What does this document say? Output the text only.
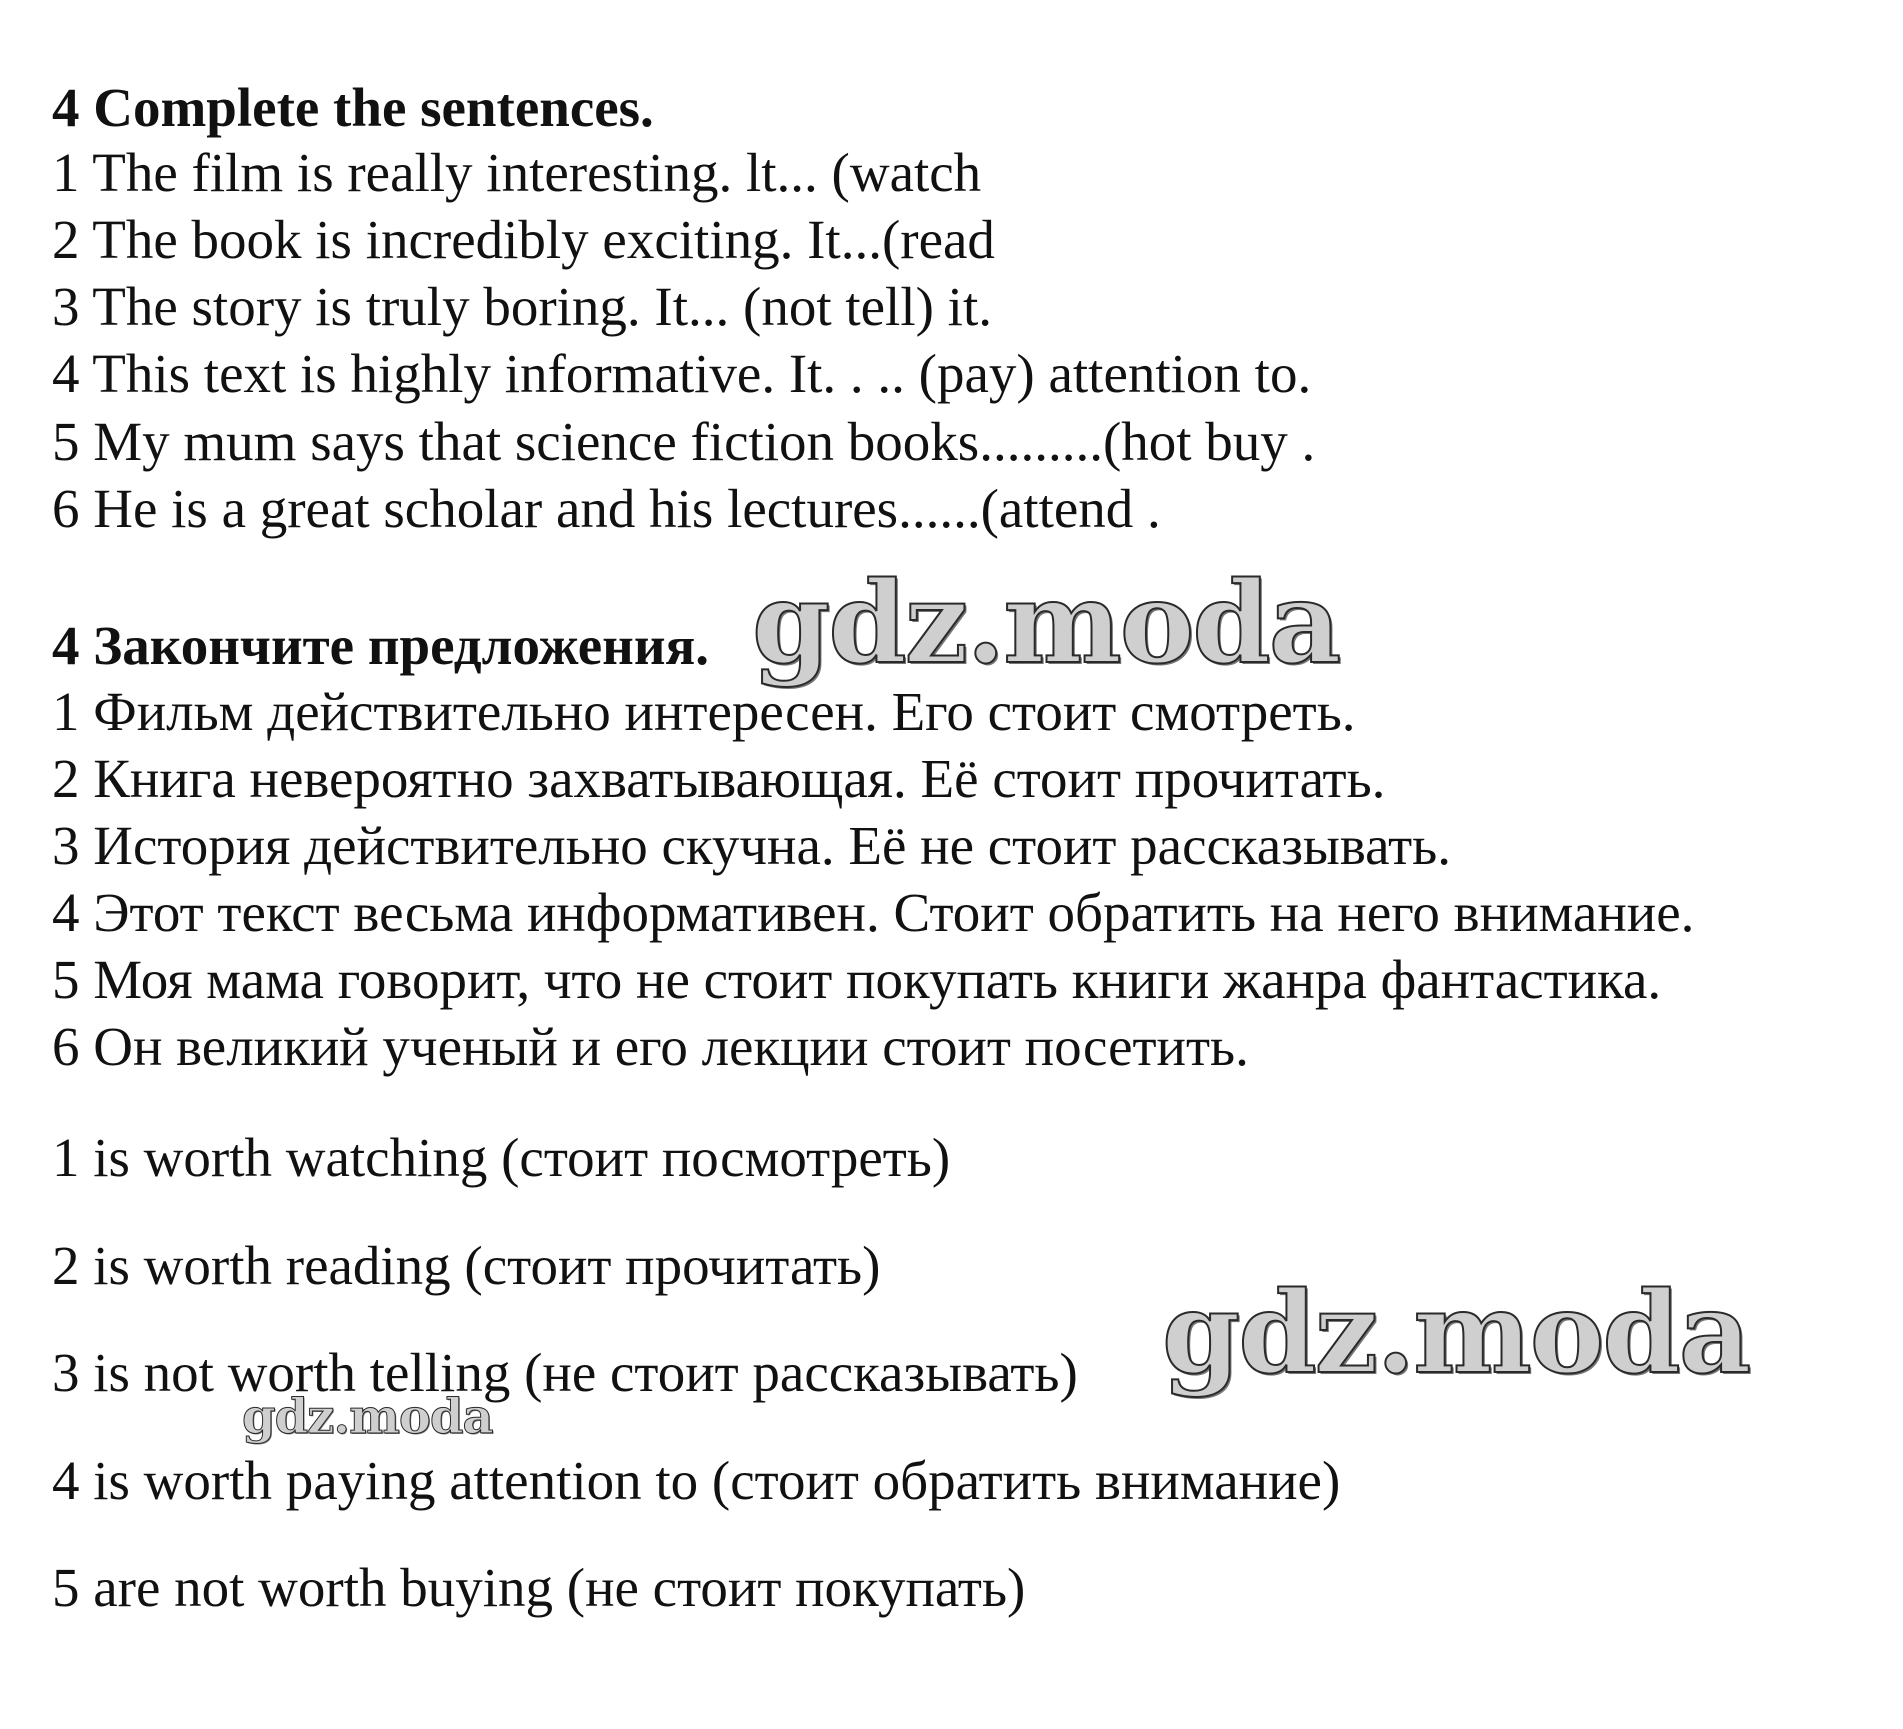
4 Complete the sentences.

1 The film is really interesting. lt... (watch

2 The book is incredibly exciting. It...(read

3 The story is truly boring. It... (not tell) it.

4 This text is highly informative. It. . .. (pay) attention to.

5 My mum says that science fiction books.........(hot buy .

6 He is a great scholar and his lectures......(attend .

4 Закончите предложения.

1 Фильм действительно интересен. Его стоит смотреть.

2 Книга невероятно захватывающая. Её стоит прочитать.

3 История действительно скучна. Её не стоит рассказывать.

4 Этот текст весьма информативен. Стоит обратить на него внимание.

5 Моя мама говорит, что не стоит покупать книги жанра фантастика.

6 Он великий ученый и его лекции стоит посетить.

1 is worth watching (стоит посмотреть)

2 is worth reading (стоит прочитать)

3 is not worth telling (не стоит рассказывать)

4 is worth paying attention to (стоит обратить внимание)

5 are not worth buying (не стоит покупать)

gdz.moda
gdz.moda
gdz.moda
